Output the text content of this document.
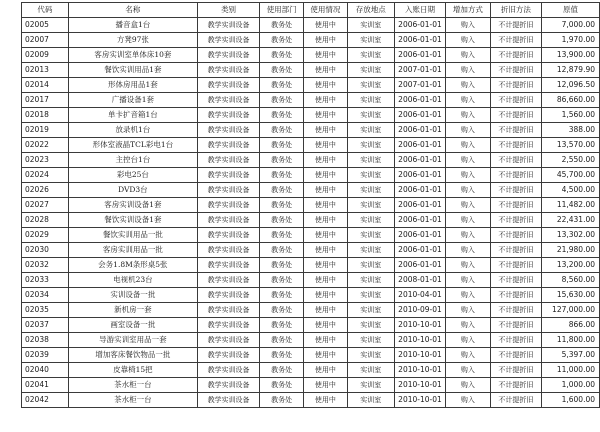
代码	名称	类别	使用部门	使用情况	存放地点	入账日期	增加方式	折旧方法	原值
02005	播音盒1台	教学实训设备	教务处	使用中	实训室	2006-01-01	购入	不计提折旧	7,000.00
02007	方凳97张	教学实训设备	教务处	使用中	实训室	2006-01-01	购入	不计提折旧	1,970.00
02009	客房实训室单体床10套	教学实训设备	教务处	使用中	实训室	2006-01-01	购入	不计提折旧	13,900.00
02013	餐饮实训用品1套	教学实训设备	教务处	使用中	实训室	2007-01-01	购入	不计提折旧	12,879.90
02014	形体房用品1套	教学实训设备	教务处	使用中	实训室	2007-01-01	购入	不计提折旧	12,096.50
02017	广播设备1套	教学实训设备	教务处	使用中	实训室	2006-01-01	购入	不计提折旧	86,660.00
02018	单卡扩音箱1台	教学实训设备	教务处	使用中	实训室	2006-01-01	购入	不计提折旧	1,560.00
02019	放录机1台	教学实训设备	教务处	使用中	实训室	2006-01-01	购入	不计提折旧	388.00
02022	形体室液晶TCL彩电1台	教学实训设备	教务处	使用中	实训室	2006-01-01	购入	不计提折旧	13,570.00
02023	主控台1台	教学实训设备	教务处	使用中	实训室	2006-01-01	购入	不计提折旧	2,550.00
02024	彩电25台	教学实训设备	教务处	使用中	实训室	2006-01-01	购入	不计提折旧	45,700.00
02026	DVD3台	教学实训设备	教务处	使用中	实训室	2006-01-01	购入	不计提折旧	4,500.00
02027	客房实训设备1套	教学实训设备	教务处	使用中	实训室	2006-01-01	购入	不计提折旧	11,482.00
02028	餐饮实训设备1套	教学实训设备	教务处	使用中	实训室	2006-01-01	购入	不计提折旧	22,431.00
02029	餐饮实训用品一批	教学实训设备	教务处	使用中	实训室	2006-01-01	购入	不计提折旧	13,302.00
02030	客房实训用品一批	教学实训设备	教务处	使用中	实训室	2006-01-01	购入	不计提折旧	21,980.00
02032	会务1.8M条形桌5张	教学实训设备	教务处	使用中	实训室	2006-01-01	购入	不计提折旧	13,200.00
02033	电视机23台	教学实训设备	教务处	使用中	实训室	2008-01-01	购入	不计提折旧	8,560.00
02034	实训设备一批	教学实训设备	教务处	使用中	实训室	2010-04-01	购入	不计提折旧	15,630.00
02035	新机房一套	教学实训设备	教务处	使用中	实训室	2010-09-01	购入	不计提折旧	127,000.00
02037	画室设备一批	教学实训设备	教务处	使用中	实训室	2010-10-01	购入	不计提折旧	866.00
02038	导游实训室用品一套	教学实训设备	教务处	使用中	实训室	2010-10-01	购入	不计提折旧	11,800.00
02039	增加客床餐饮物品一批	教学实训设备	教务处	使用中	实训室	2010-10-01	购入	不计提折旧	5,397.00
02040	皮靠椅15把	教学实训设备	教务处	使用中	实训室	2010-10-01	购入	不计提折旧	11,000.00
02041	茶水柜一台	教学实训设备	教务处	使用中	实训室	2010-10-01	购入	不计提折旧	1,000.00
02042	茶水柜一台	教学实训设备	教务处	使用中	实训室	2010-10-01	购入	不计提折旧	1,600.00
